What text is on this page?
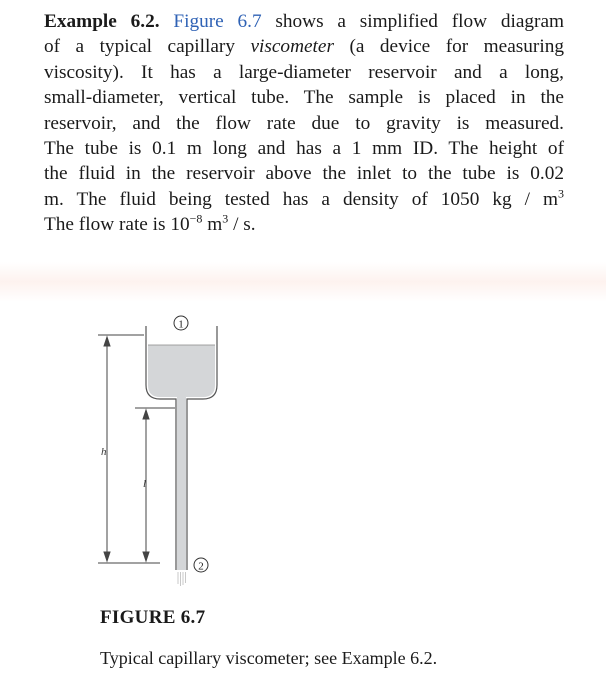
Example 6.2. Figure 6.7 shows a simplified flow diagram
of a typical capillary viscometer (a device for measuring
viscosity). It has a large-diameter reservoir and a long,
small-diameter, vertical tube. The sample is placed in the
reservoir, and the flow rate due to gravity is measured.
The tube is 0.1 m long and has a 1 mm ID. The height of
the fluid in the reservoir above the inlet to the tube is 0.02
m. The fluid being tested has a density of 1050 kg / $m^3$
The flow rate is $10^{-8}$ $m^3$ / s.
h
l
1
2
FIGURE 6.7
Typical capillary viscometer; see Example 6.2.
